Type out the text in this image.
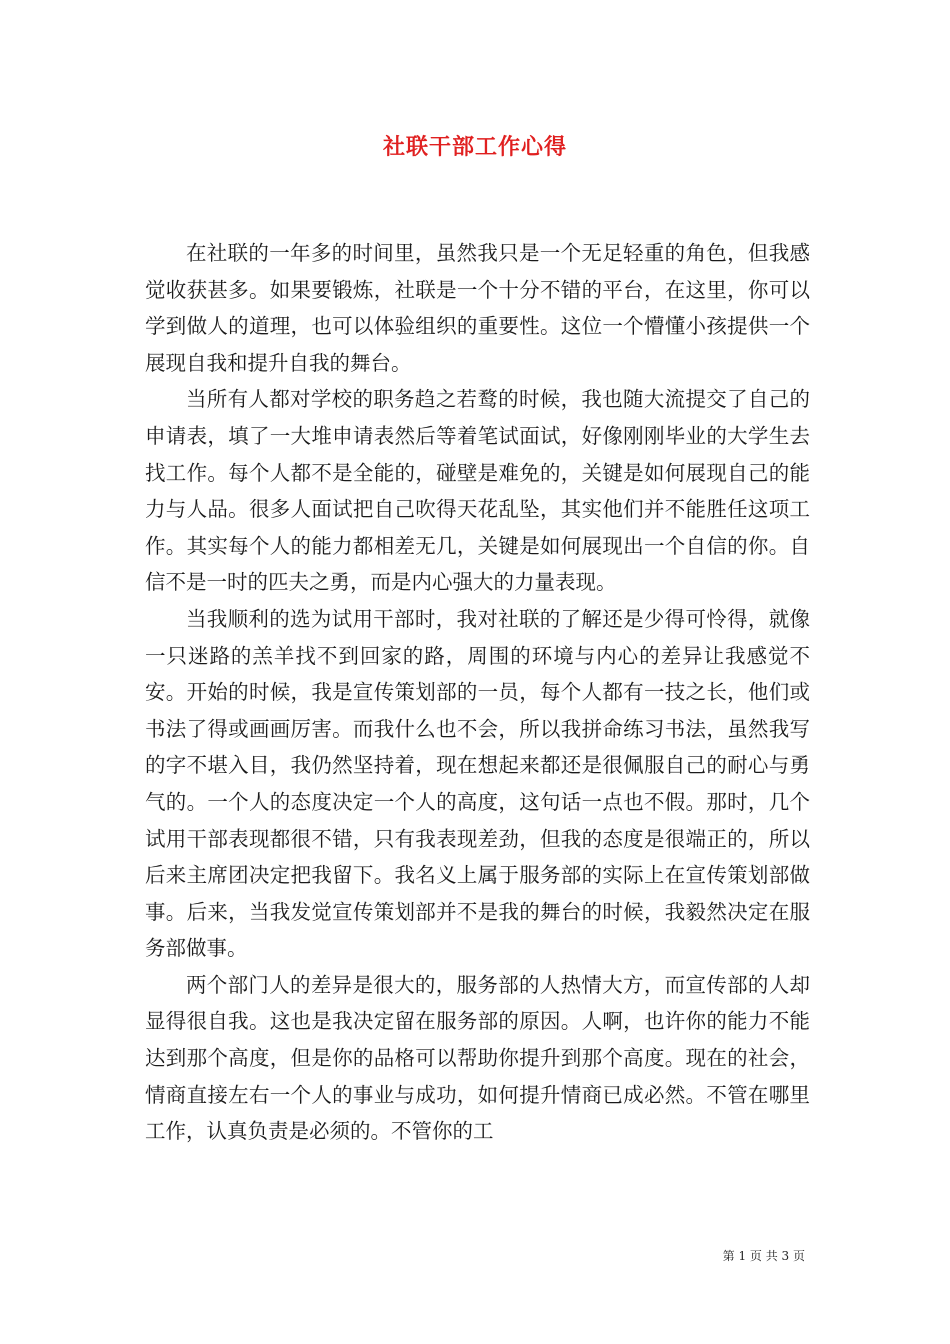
社联干部工作心得

在社联的一年多的时间里，虽然我只是一个无足轻重的角色，但我感觉收获甚多。如果要锻炼，社联是一个十分不错的平台，在这里，你可以学到做人的道理，也可以体验组织的重要性。这位一个懵懂小孩提供一个展现自我和提升自我的舞台。

当所有人都对学校的职务趋之若鹜的时候，我也随大流提交了自己的申请表，填了一大堆申请表然后等着笔试面试，好像刚刚毕业的大学生去找工作。每个人都不是全能的，碰壁是难免的，关键是如何展现自己的能力与人品。很多人面试把自己吹得天花乱坠，其实他们并不能胜任这项工作。其实每个人的能力都相差无几，关键是如何展现出一个自信的你。自信不是一时的匹夫之勇，而是内心强大的力量表现。

当我顺利的选为试用干部时，我对社联的了解还是少得可怜得，就像一只迷路的羔羊找不到回家的路，周围的环境与内心的差异让我感觉不安。开始的时候，我是宣传策划部的一员，每个人都有一技之长，他们或书法了得或画画厉害。而我什么也不会，所以我拼命练习书法，虽然我写的字不堪入目，我仍然坚持着，现在想起来都还是很佩服自己的耐心与勇气的。一个人的态度决定一个人的高度，这句话一点也不假。那时，几个试用干部表现都很不错，只有我表现差劲，但我的态度是很端正的，所以后来主席团决定把我留下。我名义上属于服务部的实际上在宣传策划部做事。后来，当我发觉宣传策划部并不是我的舞台的时候，我毅然决定在服务部做事。

两个部门人的差异是很大的，服务部的人热情大方，而宣传部的人却显得很自我。这也是我决定留在服务部的原因。人啊，也许你的能力不能达到那个高度，但是你的品格可以帮助你提升到那个高度。现在的社会，情商直接左右一个人的事业与成功，如何提升情商已成必然。不管在哪里工作，认真负责是必须的。不管你的工

第 1 页 共 3 页
